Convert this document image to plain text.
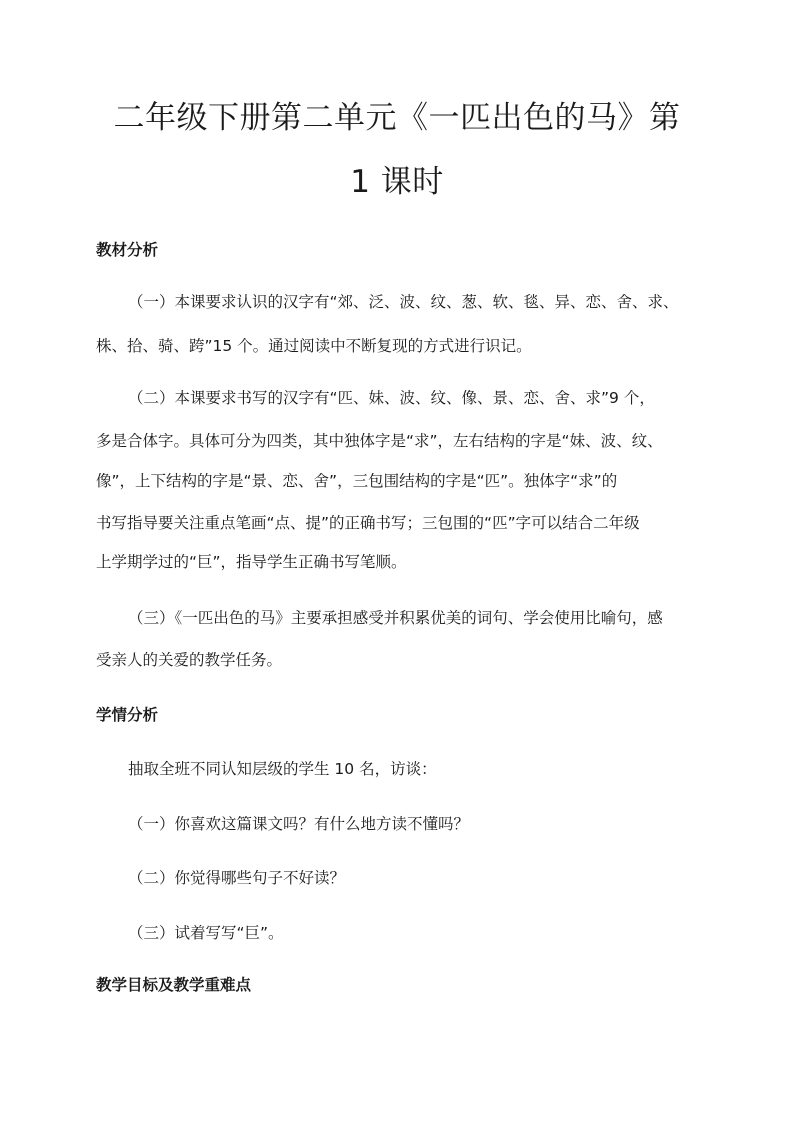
二年级下册第二单元《一匹出色的马》第
1 课时
教材分析
（一）本课要求认识的汉字有“郊、泛、波、纹、葱、软、毯、异、恋、舍、求、
株、拾、骑、跨”15 个。通过阅读中不断复现的方式进行识记。
（二）本课要求书写的汉字有“匹、妹、波、纹、像、景、恋、舍、求”9 个，
多是合体字。具体可分为四类，其中独体字是“求”，左右结构的字是“妹、波、纹、
像”，上下结构的字是“景、恋、舍”，三包围结构的字是“匹”。独体字“求”的
书写指导要关注重点笔画“点、提”的正确书写；三包围的“匹”字可以结合二年级
上学期学过的“巨”，指导学生正确书写笔顺。
（三）《一匹出色的马》主要承担感受并积累优美的词句、学会使用比喻句，感
受亲人的关爱的教学任务。
学情分析
抽取全班不同认知层级的学生 10 名，访谈：
（一）你喜欢这篇课文吗？有什么地方读不懂吗？
（二）你觉得哪些句子不好读？
（三）试着写写“巨”。
教学目标及教学重难点
